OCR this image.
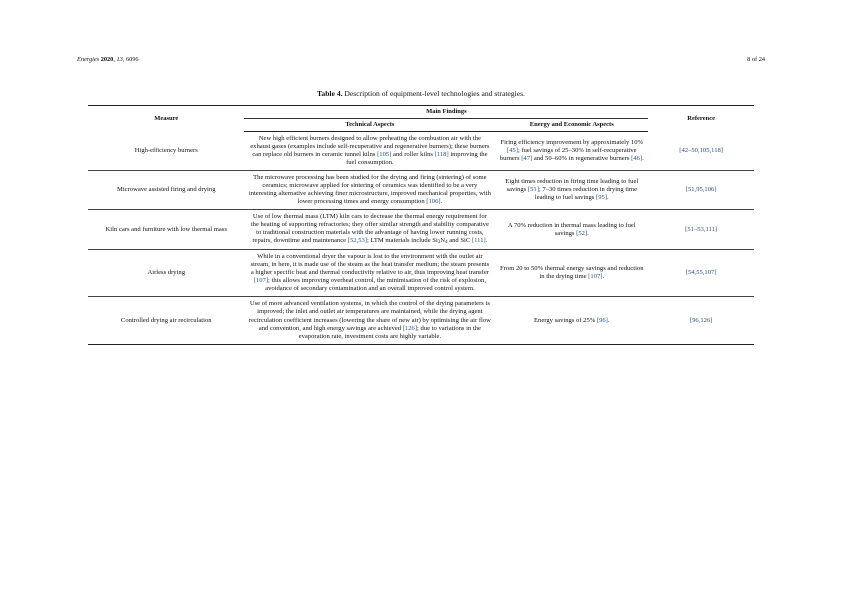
Energies 2020, 13, 6096	8 of 24
Table 4. Description of equipment-level technologies and strategies.
Measure	Main Findings		Reference
	Technical Aspects	Energy and Economic Aspects	
High-efficiency burners	New high efficient burners designed to allow preheating the combustion air with the exhaust gases (examples include self-recuperative and regenerative burners); these burners can replace old burners in ceramic tunnel kilns [105] and roller kilns [118] improving the fuel consumption.	Firing efficiency improvement by approximately 10% [45]; fuel savings of 25–30% in self-recuperative burners [47] and 50–60% in regenerative burners [46].	[42–50,105,118]
Microwave assisted firing and drying	The microwave processing has been studied for the drying and firing (sintering) of some ceramics; microwave applied for sintering of ceramics was identified to be a very interesting alternative achieving finer microstructure, improved mechanical properties, with lower processing times and energy consumption [106].	Eight times reduction in firing time leading to fuel savings [51]; 7–30 times reduction in drying time leading to fuel savings [95].	[51,95,106]
Kiln cars and furniture with low thermal mass	Use of low thermal mass (LTM) kiln cars to decrease the thermal energy requirement for the heating of supporting refractories; they offer similar strength and stability comparative to traditional construction materials with the advantage of having lower running costs, repairs, downtime and maintenance [52,53]; LTM materials include $Si_3N_4$ and SiC [111].	A 70% reduction in thermal mass leading to fuel savings [52].	[51–53,111]
Airless drying	While in a conventional dryer the vapour is lost to the environment with the outlet air stream, in here, it is made use of the steam as the heat transfer medium; the steam presents a higher specific heat and thermal conductivity relative to air, thus improving heat transfer [107]; this allows improving overheat control, the minimisation of the risk of explosion, avoidance of secondary contamination and an overall improved control system.	From 20 to 50% thermal energy savings and reduction in the drying time [107].	[54,55,107]
Controlled drying air recirculation	Use of more advanced ventilation systems, in which the control of the drying parameters is improved; the inlet and outlet air temperatures are maintained, while the drying agent recirculation coefficient increases (lowering the share of new air) by optimising the air flow and convention, and high energy savings are achieved [126]; due to variations in the evaporation rate, investment costs are highly variable.	Energy savings of 25% [96].	[96,126]
